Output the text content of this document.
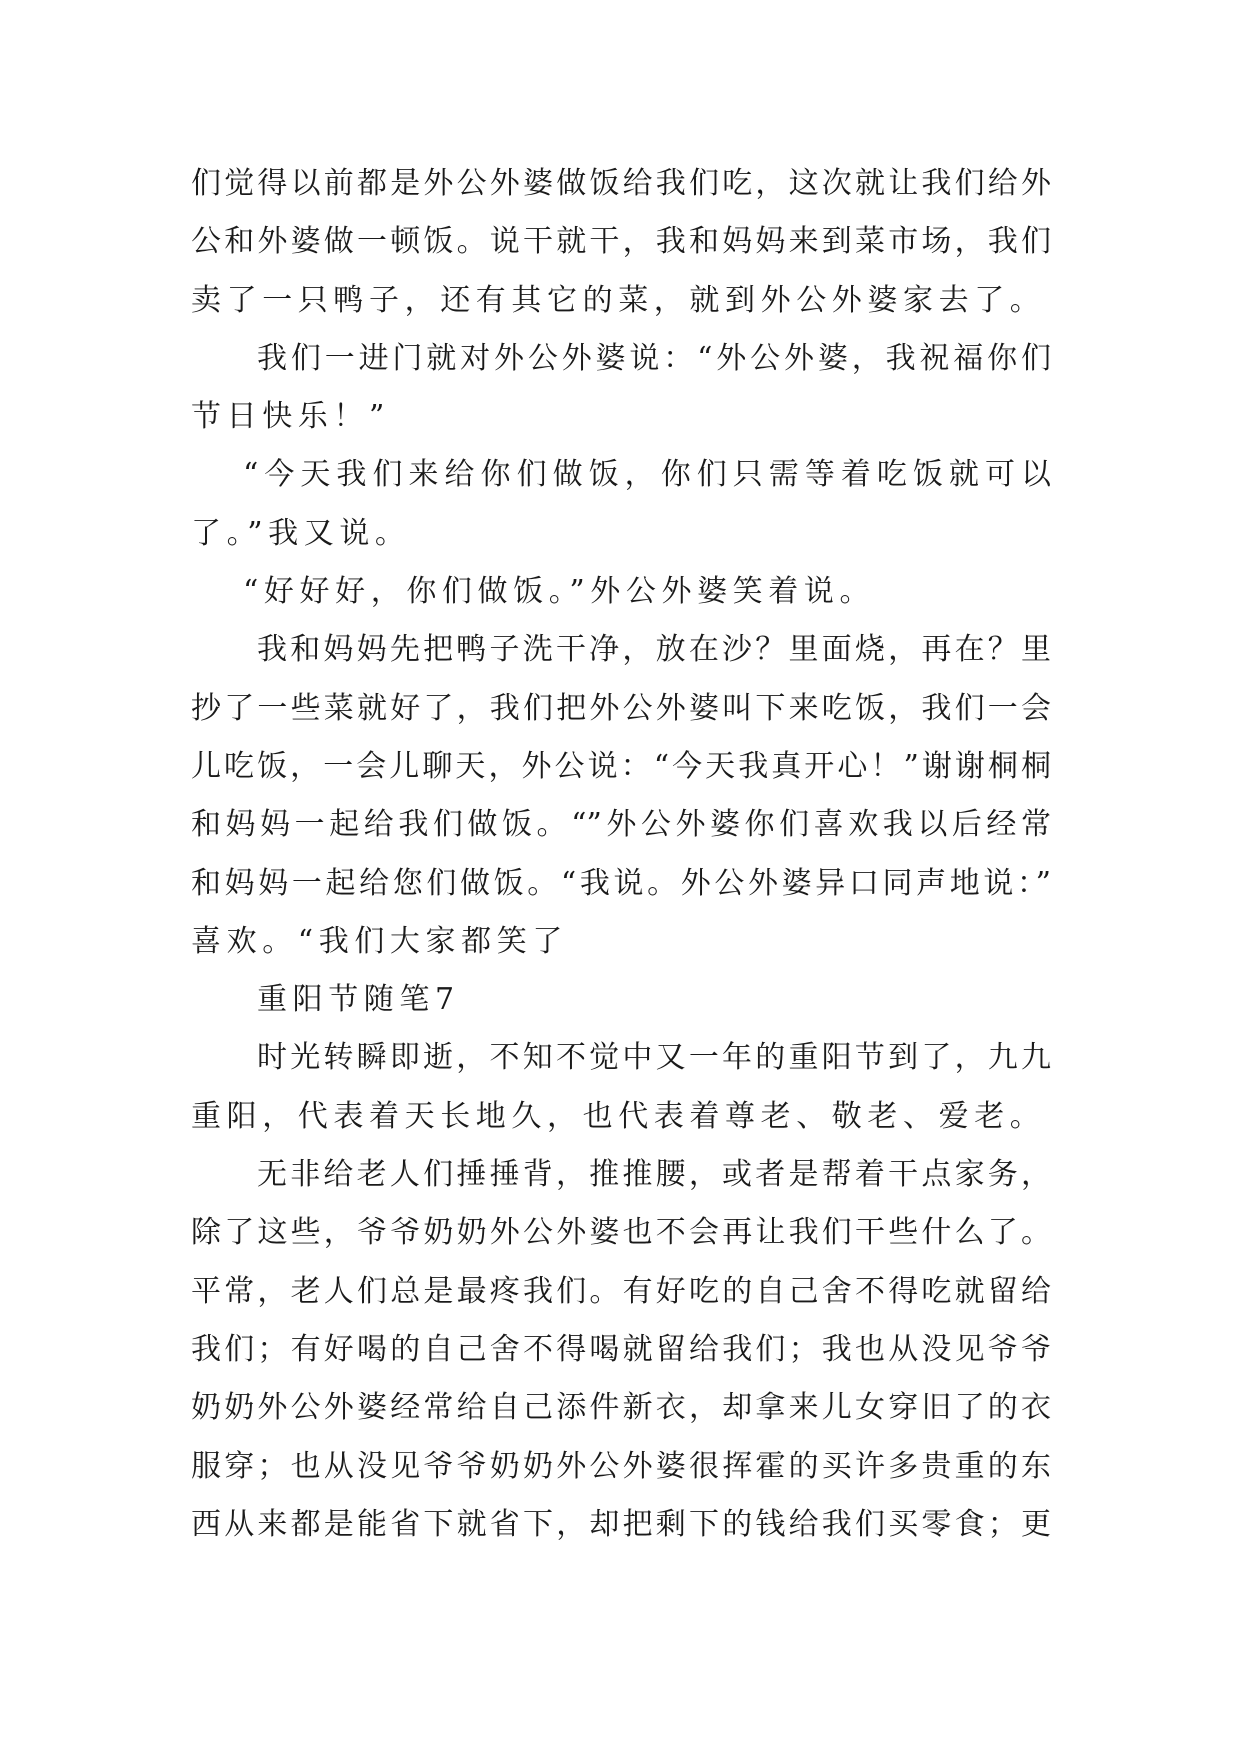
们觉得以前都是外公外婆做饭给我们吃，这次就让我们给外
公和外婆做一顿饭。说干就干，我和妈妈来到菜市场，我们
卖了一只鸭子，还有其它的菜，就到外公外婆家去了。
我们一进门就对外公外婆说：“外公外婆，我祝福你们
节日快乐！”
“今天我们来给你们做饭，你们只需等着吃饭就可以
了。”我又说。
“好好好，你们做饭。”外公外婆笑着说。
我和妈妈先把鸭子洗干净，放在沙？里面烧，再在？里
抄了一些菜就好了，我们把外公外婆叫下来吃饭，我们一会
儿吃饭，一会儿聊天，外公说：“今天我真开心！”谢谢桐桐
和妈妈一起给我们做饭。“”外公外婆你们喜欢我以后经常
和妈妈一起给您们做饭。“我说。外公外婆异口同声地说：”
喜欢。“我们大家都笑了
重阳节随笔7
时光转瞬即逝，不知不觉中又一年的重阳节到了，九九
重阳，代表着天长地久，也代表着尊老、敬老、爱老。
无非给老人们捶捶背，推推腰，或者是帮着干点家务，
除了这些，爷爷奶奶外公外婆也不会再让我们干些什么了。
平常，老人们总是最疼我们。有好吃的自己舍不得吃就留给
我们；有好喝的自己舍不得喝就留给我们；我也从没见爷爷
奶奶外公外婆经常给自己添件新衣，却拿来儿女穿旧了的衣
服穿；也从没见爷爷奶奶外公外婆很挥霍的买许多贵重的东
西从来都是能省下就省下，却把剩下的钱给我们买零食；更
